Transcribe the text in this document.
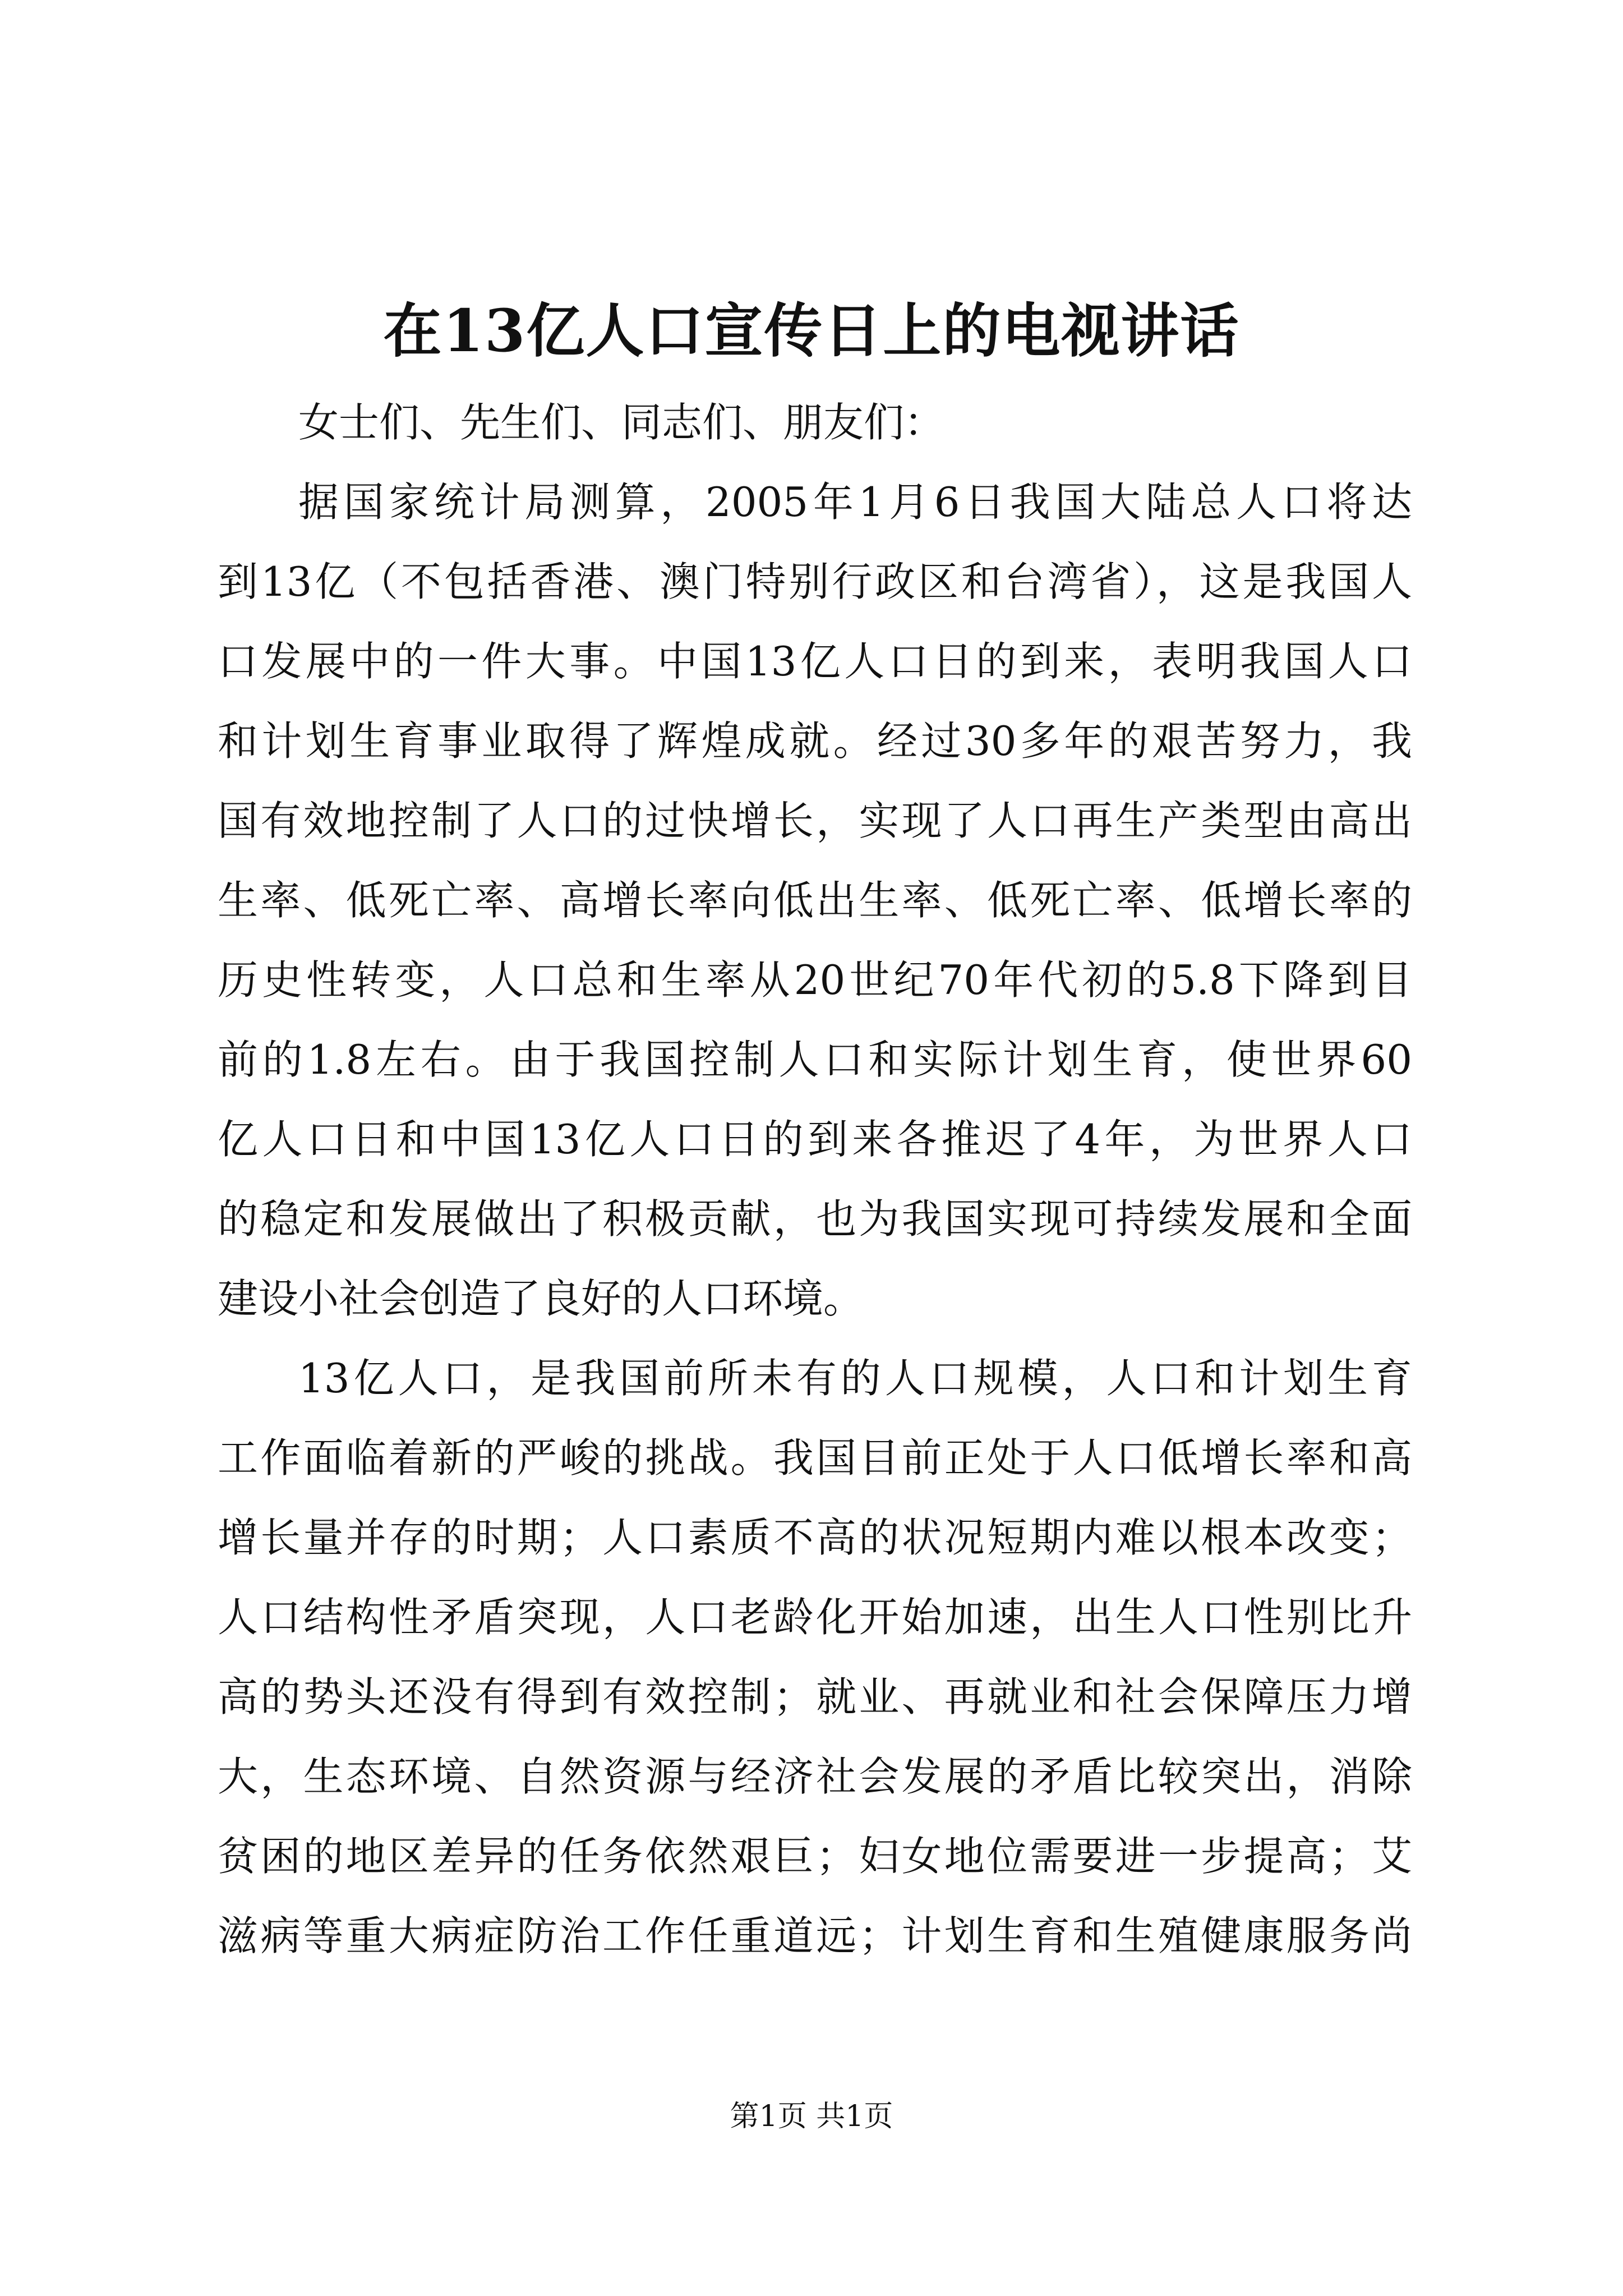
在13亿人口宣传日上的电视讲话

女士们、先生们、同志们、朋友们：

据国家统计局测算，2005年1月6日我国大陆总人口将达
到13亿（不包括香港、澳门特别行政区和台湾省），这是我国人
口发展中的一件大事。中国13亿人口日的到来，表明我国人口
和计划生育事业取得了辉煌成就。经过30多年的艰苦努力，我
国有效地控制了人口的过快增长，实现了人口再生产类型由高出
生率、低死亡率、高增长率向低出生率、低死亡率、低增长率的
历史性转变，人口总和生率从20世纪70年代初的5.8下降到目
前的1.8左右。由于我国控制人口和实际计划生育，使世界60
亿人口日和中国13亿人口日的到来各推迟了4年，为世界人口
的稳定和发展做出了积极贡献，也为我国实现可持续发展和全面
建设小社会创造了良好的人口环境。
13亿人口，是我国前所未有的人口规模，人口和计划生育
工作面临着新的严峻的挑战。我国目前正处于人口低增长率和高
增长量并存的时期；人口素质不高的状况短期内难以根本改变；
人口结构性矛盾突现，人口老龄化开始加速，出生人口性别比升
高的势头还没有得到有效控制；就业、再就业和社会保障压力增
大，生态环境、自然资源与经济社会发展的矛盾比较突出，消除
贫困的地区差异的任务依然艰巨；妇女地位需要进一步提高；艾
滋病等重大病症防治工作任重道远；计划生育和生殖健康服务尚
第1页 共1页
